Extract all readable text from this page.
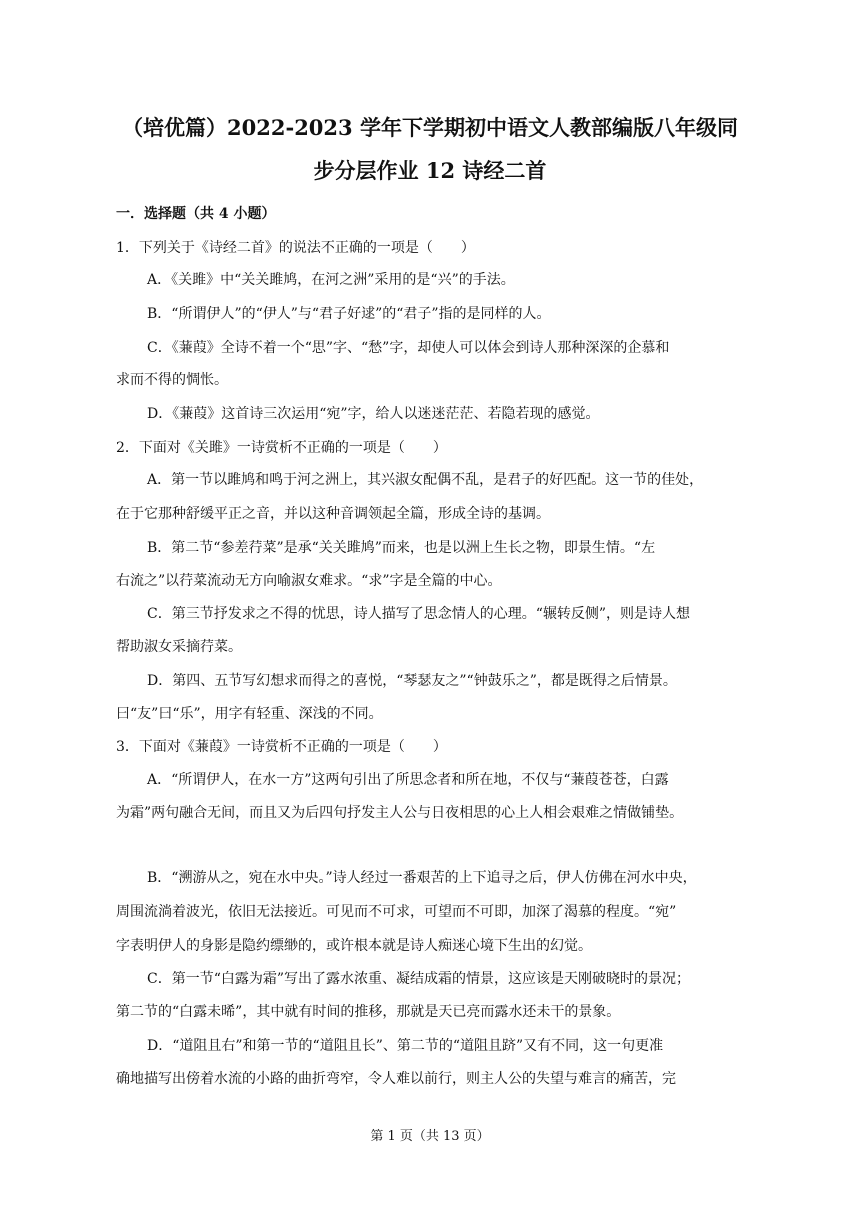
（培优篇）2022-2023 学年下学期初中语文人教部编版八年级同
步分层作业 12 诗经二首
一．选择题（共 4 小题）
1．下列关于《诗经二首》的说法不正确的一项是（　　）
A．《关雎》中“关关雎鸠，在河之洲”采用的是“兴”的手法。
B．“所谓伊人”的“伊人”与“君子好逑”的“君子”指的是同样的人。
C．《蒹葭》全诗不着一个“思”字、“愁”字，却使人可以体会到诗人那种深深的企慕和
求而不得的惆怅。
D．《蒹葭》这首诗三次运用“宛”字，给人以迷迷茫茫、若隐若现的感觉。
2．下面对《关雎》一诗赏析不正确的一项是（　　）
A．第一节以雎鸠和鸣于河之洲上，其兴淑女配偶不乱，是君子的好匹配。这一节的佳处，
在于它那种舒缓平正之音，并以这种音调领起全篇，形成全诗的基调。
B．第二节“参差荇菜”是承“关关雎鸠”而来，也是以洲上生长之物，即景生情。“左
右流之”以荇菜流动无方向喻淑女难求。“求”字是全篇的中心。
C．第三节抒发求之不得的忧思，诗人描写了思念情人的心理。“辗转反侧”，则是诗人想
帮助淑女采摘荇菜。
D．第四、五节写幻想求而得之的喜悦，“琴瑟友之”“钟鼓乐之”，都是既得之后情景。
曰“友”曰“乐”，用字有轻重、深浅的不同。
3．下面对《蒹葭》一诗赏析不正确的一项是（　　）
A．“所谓伊人，在水一方”这两句引出了所思念者和所在地，不仅与“蒹葭苍苍，白露
为霜”两句融合无间，而且又为后四句抒发主人公与日夜相思的心上人相会艰难之情做铺垫。
B．“溯游从之，宛在水中央。”诗人经过一番艰苦的上下追寻之后，伊人仿佛在河水中央，
周围流淌着波光，依旧无法接近。可见而不可求，可望而不可即，加深了渴慕的程度。“宛”
字表明伊人的身影是隐约缥缈的，或许根本就是诗人痴迷心境下生出的幻觉。
C．第一节“白露为霜”写出了露水浓重、凝结成霜的情景，这应该是天刚破晓时的景况；
第二节的“白露未晞”，其中就有时间的推移，那就是天已亮而露水还未干的景象。
D．“道阻且右”和第一节的“道阻且长”、第二节的“道阻且跻”又有不同，这一句更准
确地描写出傍着水流的小路的曲折弯窄，令人难以前行，则主人公的失望与难言的痛苦，完
第 1 页（共 13 页）
